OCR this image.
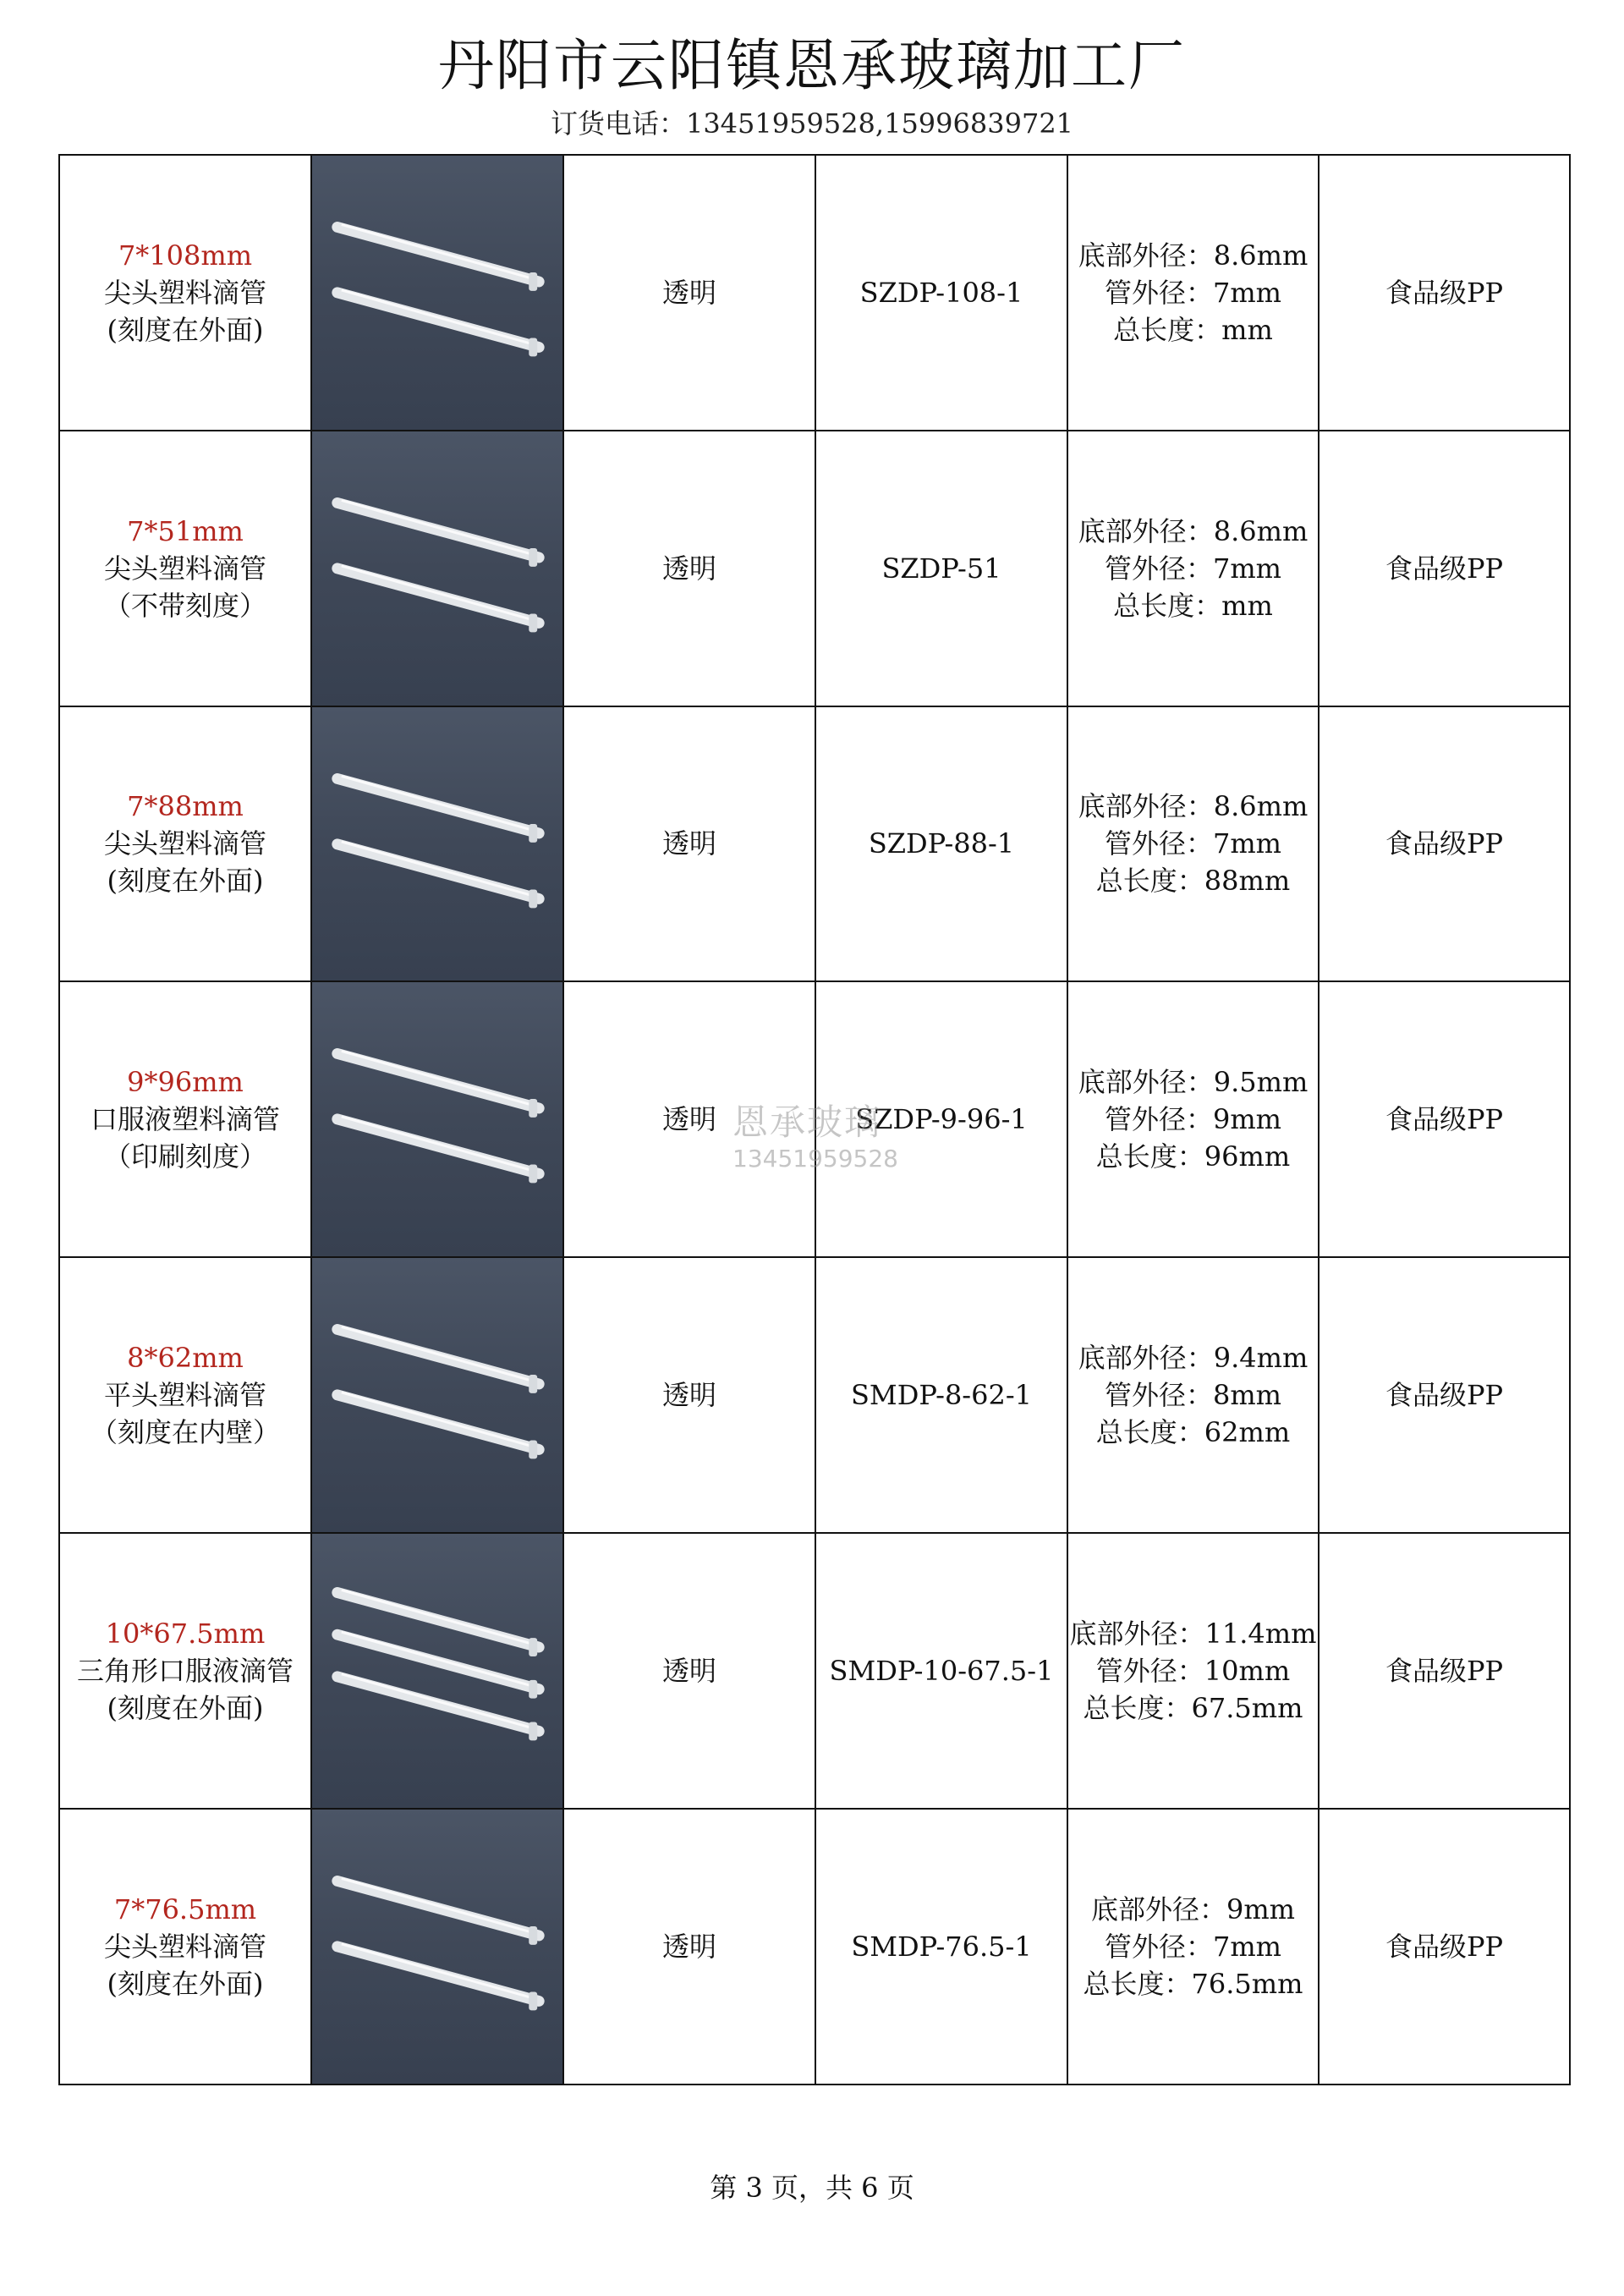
丹阳市云阳镇恩承玻璃加工厂
订货电话：13451959528,15996839721
7*108mm
尖头塑料滴管
(刻度在外面)		透明	SZDP-108-1	底部外径：8.6mm
管外径：7mm
总长度：mm	食品级PP

7*51mm
尖头塑料滴管
（不带刻度）		透明	SZDP-51	底部外径：8.6mm
管外径：7mm
总长度：mm	食品级PP

7*88mm
尖头塑料滴管
(刻度在外面)		透明	SZDP-88-1	底部外径：8.6mm
管外径：7mm
总长度：88mm	食品级PP

9*96mm
口服液塑料滴管
（印刷刻度）		透明	SZDP-9-96-1	底部外径：9.5mm
管外径：9mm
总长度：96mm	食品级PP

8*62mm
平头塑料滴管
（刻度在内壁）		透明	SMDP-8-62-1	底部外径：9.4mm
管外径：8mm
总长度：62mm	食品级PP

10*67.5mm
三角形口服液滴管
(刻度在外面)		透明	SMDP-10-67.5-1	底部外径：11.4mm
管外径：10mm
总长度：67.5mm	食品级PP

7*76.5mm
尖头塑料滴管
(刻度在外面)		透明	SMDP-76.5-1	底部外径：9mm
管外径：7mm
总长度：76.5mm	食品级PP
恩承玻璃
13451959528
第 3 页，共 6 页
